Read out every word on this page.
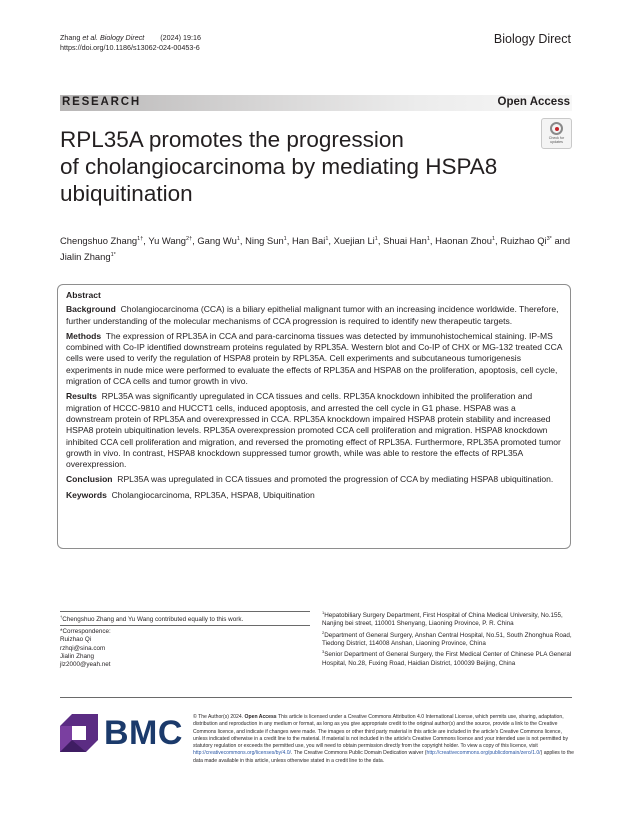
Zhang et al. Biology Direct        (2024) 19:16
https://doi.org/10.1186/s13062-024-00453-6
Biology Direct
RESEARCH	Open Access
RPL35A promotes the progression
of cholangiocarcinoma by mediating HSPA8
ubiquitination
Check for updates
Chengshuo Zhang$^{1\dagger}$, Yu Wang$^{2\dagger}$, Gang Wu$^1$, Ning Sun$^1$, Han Bai$^1$, Xuejian Li$^1$, Shuai Han$^1$, Haonan Zhou$^1$, Ruizhao $Qi^{3*}$ and Jialin Zhang$^{1*}$
Abstract

Background Cholangiocarcinoma (CCA) is a biliary epithelial malignant tumor with an increasing incidence worldwide. Therefore, further understanding of the molecular mechanisms of CCA progression is required to identify new therapeutic targets.

Methods The expression of RPL35A in CCA and para-carcinoma tissues was detected by immunohistochemical staining. IP-MS combined with Co-IP identified downstream proteins regulated by RPL35A. Western blot and Co-IP of CHX or MG-132 treated CCA cells were used to verify the regulation of HSPA8 protein by RPL35A. Cell experiments and subcutaneous tumorigenesis experiments in nude mice were performed to evaluate the effects of RPL35A and HSPA8 on the proliferation, apoptosis, cell cycle, migration of CCA cells and tumor growth in vivo.

Results RPL35A was significantly upregulated in CCA tissues and cells. RPL35A knockdown inhibited the proliferation and migration of HCCC-9810 and HUCCT1 cells, induced apoptosis, and arrested the cell cycle in G1 phase. HSPA8 was a downstream protein of RPL35A and overexpressed in CCA. RPL35A knockdown impaired HSPA8 protein stability and increased HSPA8 protein ubiquitination levels. RPL35A overexpression promoted CCA cell proliferation and migration. HSPA8 knockdown inhibited CCA cell proliferation and migration, and reversed the promoting effect of RPL35A. Furthermore, RPL35A promoted tumor growth in vivo. In contrast, HSPA8 knockdown suppressed tumor growth, while was able to restore the effects of RPL35A overexpression.

Conclusion RPL35A was upregulated in CCA tissues and promoted the progression of CCA by mediating HSPA8 ubiquitination.

Keywords Cholangiocarcinoma, RPL35A, HSPA8, Ubiquitination

†Chengshuo Zhang and Yu Wang contributed equally to this work.
*Correspondence:
Ruizhao Qi
rzhqi@sina.com
Jialin Zhang
jlz2000@yeah.net
$^1$Hepatobiliary Surgery Department, First Hospital of China Medical University, No.155, Nanjing bei street, 110001 Shenyang, Liaoning Province, P. R. China
$^2$Department of General Surgery, Anshan Central Hospital, No.51, South Zhonghua Road, Tiedong District, 114008 Anshan, Liaoning Province, China
$^3$Senior Department of General Surgery, the First Medical Center of Chinese PLA General Hospital, No.28, Fuxing Road, Haidian District, 100039 Beijing, China
BMC © The Author(s) 2024. Open Access This article is licensed under a Creative Commons Attribution 4.0 International License, which permits use, sharing, adaptation, distribution and reproduction in any medium or format, as long as you give appropriate credit to the original author(s) and the source, provide a link to the Creative Commons licence, and indicate if changes were made. The images or other third party material in this article are included in the article's Creative Commons licence, unless indicated otherwise in a credit line to the material. If material is not included in the article's Creative Commons licence and your intended use is not permitted by statutory regulation or exceeds the permitted use, you will need to obtain permission directly from the copyright holder. To view a copy of this licence, visit http://creativecommons.org/licenses/by/4.0/. The Creative Commons Public Domain Dedication waiver (http://creativecommons.org/publicdomain/zero/1.0/) applies to the data made available in this article, unless otherwise stated in a credit line to the data.
